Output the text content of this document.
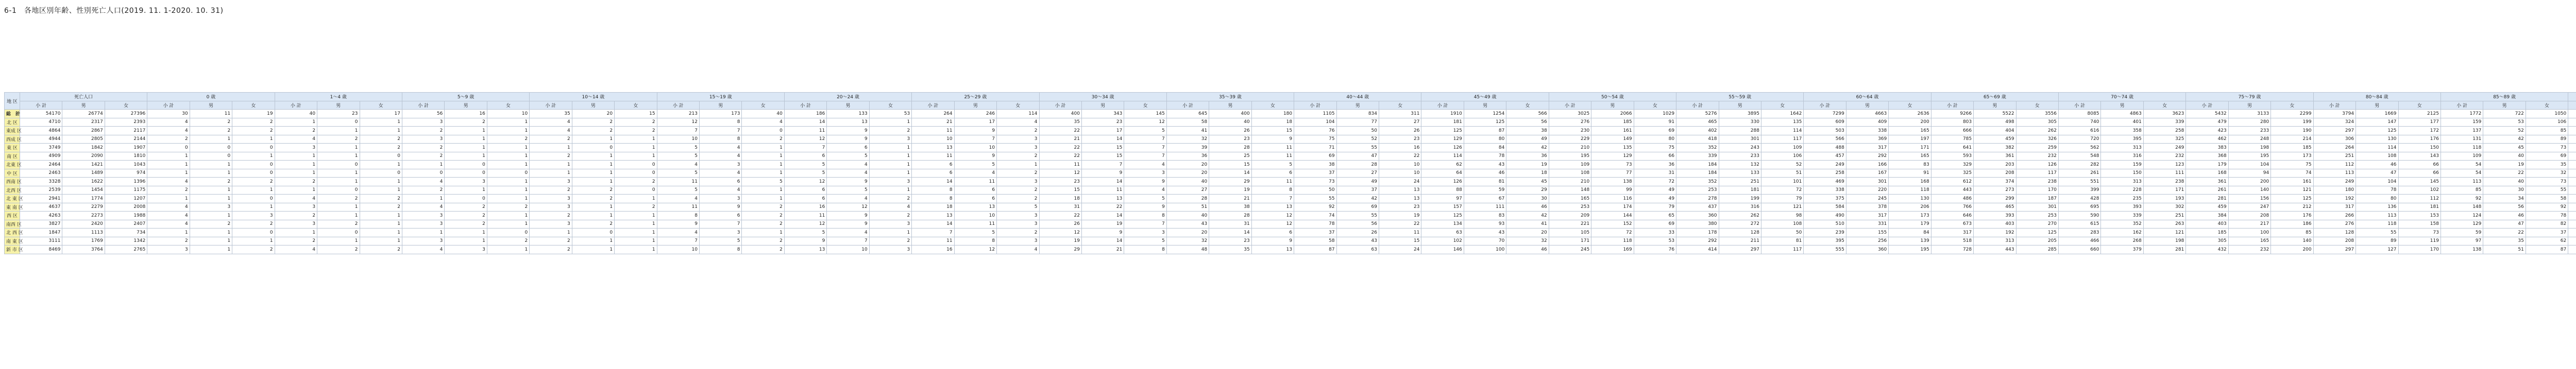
6-1　各地区別年齢、性別死亡人口(2019. 11. 1-2020. 10. 31)
地 区	死亡人口	0 歳	1～4 歳	5～9 歳	10～14 歳	15～19 歳	20～24 歳	25～29 歳	30～34 歳	35～39 歳	40～44 歳	45～49 歳	50～54 歳	55～59 歳	60～64 歳	65～69 歳	70～74 歳	75～79 歳	80～84 歳	85～89 歳			
小 計	男	女	小 計	男	女	小 計	男	女	小 計	男	女	小 計	男	女	小 計	男	女	小 計	男	女	小 計	男	女	小 計	男	女	小 計	男	女	小 計	男	女	小 計	男	女	小 計	男	女	小 計	男	女	小 計	男	女	小 計	男	女	小 計	男	女	小 計	男	女	小 計	男	女	小 計	男	女									
総　計	54170	26774	27396	30	11	19	40	23	17	56	16	10	35	20	15	213	173	40	186	133	53	264	246	114	400	343	145	645	400	180	1105	834	311	1910	1254	566	3025	2066	1029	5276	3895	1642	7299	4663	2636	9266	5522	3556	8085	4863	3623	5432	3133	2299	3794	1669	2125	1772	722	1050						
北 区	4710	2317	2393	4	2	2	1	0	1	3	2	1	4	2	2	12	8	4	14	13	1	21	17	4	35	23	12	58	40	18	104	77	27	181	125	56	276	185	91	465	330	135	609	409	200	803	498	305	740	401	339	479	280	199	324	147	177	159	53	106						
東成 区	4864	2867	2117	4	2	2	2	1	1	2	1	1	4	2	2	7	7	0	11	9	2	11	9	2	22	17	5	41	26	15	76	50	26	125	87	38	230	161	69	402	288	114	503	338	165	666	404	262	616	358	258	423	233	190	297	125	172	137	52	85						
西成 区	4944	2805	2144	2	1	1	4	2	2	3	1	2	2	1	1	10	8	2	12	9	3	10	7	3	21	14	7	32	23	9	75	52	23	129	80	49	229	149	80	418	301	117	566	369	197	785	459	326	720	395	325	462	248	214	306	130	176	131	42	89						
東 区	3749	1842	1907	0	0	0	3	1	2	2	1	1	1	0	1	5	4	1	7	6	1	13	10	3	22	15	7	39	28	11	71	55	16	126	84	42	210	135	75	352	243	109	488	317	171	641	382	259	562	313	249	383	198	185	264	114	150	118	45	73						
南 区	4909	2090	1810	1	0	1	1	1	0	2	1	1	2	1	1	5	4	1	6	5	1	11	9	2	22	15	7	36	25	11	69	47	22	114	78	36	195	129	66	339	233	106	457	292	165	593	361	232	548	316	232	368	195	173	251	108	143	109	40	69						
北東 区	2464	1421	1043	1	1	0	1	0	1	1	0	1	1	1	0	4	3	1	5	4	1	6	5	1	11	7	4	20	15	5	38	28	10	62	43	19	109	73	36	184	132	52	249	166	83	329	203	126	282	159	123	179	104	75	112	46	66	54	19	35						
中 区	2463	1489	974	1	1	0	1	1	0	0	0	0	1	1	0	5	4	1	5	4	1	6	4	2	12	9	3	20	14	6	37	27	10	64	46	18	108	77	31	184	133	51	258	167	91	325	208	117	261	150	111	168	94	74	113	47	66	54	22	32						
西南 区	3328	1622	1396	4	2	2	2	1	1	4	3	1	3	1	2	11	6	5	12	9	3	14	11	3	23	14	9	40	29	11	73	49	24	126	81	45	210	138	72	352	251	101	469	301	168	612	374	238	551	313	238	361	200	161	249	104	145	113	40	73						
北西 区	2539	1454	1175	2	1	1	1	0	1	2	1	1	2	2	0	5	4	1	6	5	1	8	6	2	15	11	4	27	19	8	50	37	13	88	59	29	148	99	49	253	181	72	338	220	118	443	273	170	399	228	171	261	140	121	180	78	102	85	30	55						
北 東 区	2941	1774	1207	1	1	0	4	2	2	1	0	1	3	2	1	4	3	1	6	4	2	8	6	2	18	13	5	28	21	7	55	42	13	97	67	30	165	116	49	278	199	79	375	245	130	486	299	187	428	235	193	281	156	125	192	80	112	92	34	58						
東 南 区	4637	2279	2008	4	3	1	3	1	2	4	2	2	3	1	2	11	9	2	16	12	4	18	13	5	31	22	9	51	38	13	92	69	23	157	111	46	253	174	79	437	316	121	584	378	206	766	465	301	695	393	302	459	247	212	317	136	181	148	56	92						
西 区	4263	2273	1988	4	1	3	2	1	1	3	2	1	2	1	1	8	6	2	11	9	2	13	10	3	22	14	8	40	28	12	74	55	19	125	83	42	209	144	65	360	262	98	490	317	173	646	393	253	590	339	251	384	208	176	266	113	153	124	46	78						
南西 区	3827	2420	2407	4	2	2	3	2	1	3	2	1	3	2	1	9	7	2	12	9	3	14	11	3	26	19	7	43	31	12	78	56	22	134	93	41	221	152	69	380	272	108	510	331	179	673	403	270	615	352	263	403	217	186	276	118	158	129	47	82						
北 西 区	1847	1113	734	1	1	0	1	0	1	1	1	0	1	0	1	4	3	1	5	4	1	7	5	2	12	9	3	20	14	6	37	26	11	63	43	20	105	72	33	178	128	50	239	155	84	317	192	125	283	162	121	185	100	85	128	55	73	59	22	37						
南 東 区	3111	1769	1342	2	1	1	2	1	1	3	1	2	2	1	1	7	5	2	9	7	2	11	8	3	19	14	5	32	23	9	58	43	15	102	70	32	171	118	53	292	211	81	395	256	139	518	313	205	466	268	198	305	165	140	208	89	119	97	35	62						
新 市 区	8469	3764	2765	3	1	2	4	2	2	4	3	1	2	1	1	10	8	2	13	10	3	16	12	4	29	21	8	48	35	13	87	63	24	146	100	46	245	169	76	414	297	117	555	360	195	728	443	285	660	379	281	432	232	200	297	127	170	138	51	87						
